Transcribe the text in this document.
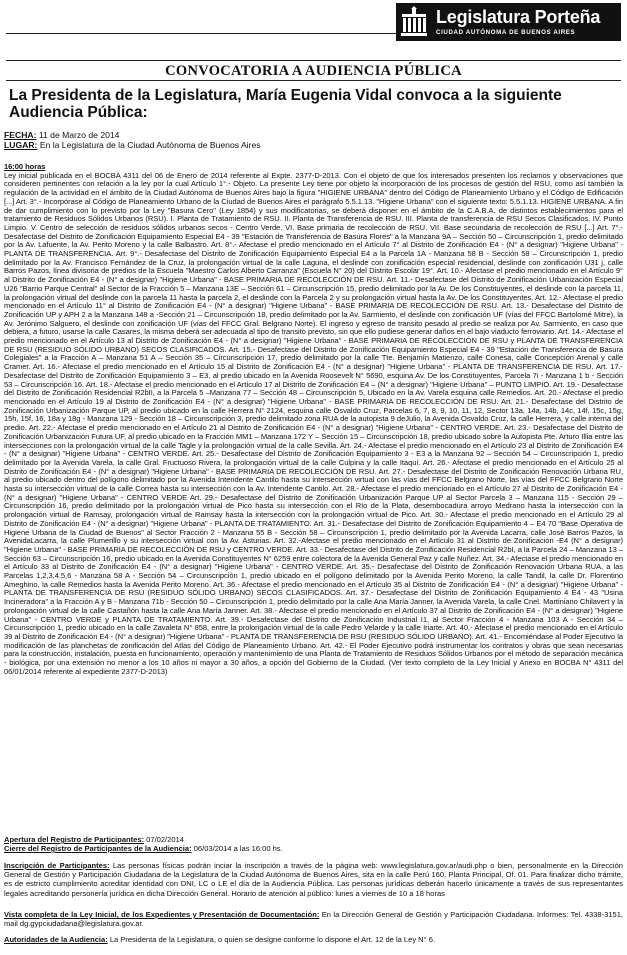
Legislatura Porteña
CIUDAD AUTÓNOMA DE BUENOS AIRES
CONVOCATORIA A AUDIENCIA PÚBLICA
La Presidenta de la Legislatura, María Eugenia Vidal convoca a la siguiente Audiencia Pública:
FECHA: 11 de Marzo de 2014
LUGAR: En la Legislatura de la Ciudad Autónoma de Buenos Aires
16:00 horas
Ley inicial publicada en el BOCBA 4311 del 06 de Enero de 2014 referente al Expte. 2377-D-2013. Con el objeto de que los interesados presenten los reclamos y observaciones que consideren pertinentes con relación a la ley por la cual Artículo 1°.- Objeto. La presente Ley tiene por objeto la incorporación de los procesos de gestión del RSU, como así también la regulación de la actividad en el ámbito de la Ciudad Autónoma de Buenos Aires bajo la figura "HIGIENE URBANA" dentro del Código de Planeamiento Urbano y el Código de Edificación [...] Art. 3°.- Incorpórase al Código de Planeamiento Urbano de la Ciudad de Buenos Aires el parágrafo 5.5.1.13. "Higiene Urbana" con el siguiente texto: 5.5.1.13. HIGIENE URBANA. A fin de dar cumplimiento con lo previsto por la Ley "Basura Cero" (Ley 1854) y sus modificatorias, se deberá disponer en el ámbito de la C.A.B.A. de distintos establecimientos para el tratamiento de Residuos Sólidos Urbanos (RSU). I. Planta de Tratamiento de RSU. II. Planta de Transferencia de RSU. III. Planta de transferencia de RSU Secos Clasificados. IV. Punto Limpio. V. Centro de selección de residuos sólidos urbanos secos - Centro Verde. VI. Base primaria de recolección de RSU. VII. Base secundaria de recolección de RSU [...] Art. 7°.- Desafectase del Distrito de Zonificación Equipamiento Especial E4 - 39 "Estación de Transferencia de Basura Flores" a la Manzana 9A – Sección 50 – Circunscripción 1, predio delimitado por la Av. Lafuente, la Av. Perito Moreno y la calle Balbastro. Art. 8°.- Afectase el predio mencionado en el Artículo 7° al Distrito de Zonificación E4 - (N° a designar) "Higiene Urbana" - PLANTA DE TRANSFERENCIA. Art. 9°.- Desafectase del Distrito de Zonificación Equipamiento Especial E4 a la Parcela 1A - Manzana 58 B - Sección 58 – Circunscripción 1, predio delimitado por la Av. Francisco Fernández de la Cruz, la prolongación virtual de la calle Laguna, el deslinde con zonificación especial residencial, deslinde con zonificación U31 j, calle Barros Pazos, línea divisoria de predios de la Escuela "Maestro Carlos Alberto Carranza" (Escuela N° 20) del Distrito Escolar 19°. Art. 10.- Afectase el predio mencionado en el Artículo 9° al Distrito de Zonificación E4 - (N° a designar) "Higiene Urbana" - BASE PRIMARIA DE RECOLECCIÓN DE RSU. Art. 11.- Desafectase del Distrito de Zonificación Urbanización Especial U26 "Barrio Parque Central" al Sector de la Fracción 5 – Manzana 13E – Sección 61 – Circunscripción 15, predio delimitado por la Av. De los Constituyentes, el deslinde con la parcela 11, la prolongación virtual del deslinde con la parcela 11 hasta la parcela 2, el deslinde con la Parcela 2 y su prolongación virtual hasta la Av. De los Constituyentes. Art. 12.- Afectase el predio mencionado en el Artículo 11° al Distrito de Zonificación E4 - (N° a designar) "Higiene Urbana" - BASE PRIMARIA DE RECOLECCIÓN DE RSU. Art. 13.- Desafectase del Distrito de Zonificación UP y APH 2 a la Manzana 148 a -Sección 21 – Circunscripción 18, predio delimitado por la Av. Sarmiento, el deslinde con zonificación UF (vías del FFCC Bartolomé Mitre), la Av. Jerónimo Salguero, el deslinde con zonificación UF (vías del FFCC Gral. Belgrano Norte). El ingreso y egreso de transito pesado al predio se realiza por Av. Sarmiento, en caso que debiera, a futuro, usarse la calle Casares, la misma deberá ser adecuada al tipo de transito previsto, sin que ello pudiese generar daños en el bajo viaducto ferroviario. Art. 14.- Afectase el predio mencionado en el Artículo 13 al Distrito de Zonificación E4 - (N° a designar) "Higiene Urbana" - BASE PRIMARIA DE RECOLECCIÓN DE RSU y PLANTA DE TRANSFERENCIA DE RSU (RESIDUO SÓLIDO URBANO) SECOS CLASIFICADOS. Art. 15.- Desafectase del Distrito de Zonificación Equipamiento Especial E4 - 39 "Estación de Transferencia de Basura Colegiales" a la Fracción A – Manzana 51 A – Sección 35 – Circunscripción 17, predio delimitado por la calle Tte. Benjamín Matienzo, calle Conesa, calle Concepción Arenal y calle Cramer. Art. 16.- Afectase el predio mencionado en el Artículo 15 al Distrito de Zonificación E4 - (N° a designar) "Higiene Urbana" - PLANTA DE TRANSFERENCIA DE RSU. Art. 17.- Desafectase del Distrito de Zonificación Equipamiento 3 – E3, al predio ubicado en la Avenida Roosevelt N° 5690, esquina Av. De los Constituyentes, Parcela 7i - Manzana 1 b - Sección 53 – Circunscripción 16. Art. 18.- Afectase el predio mencionado en el Artículo 17 al Distrito de Zonificación E4 – (N° a designar) "Higiene Urbana" – PUNTO LIMPIO. Art. 19.- Desafectase del Distrito de Zonificación Residencial R2bII, a la Parcela 5 –Manzana 77 – Sección 48 – Circunscripción 5, Ubicado en la Av. Varela esquina calle Remedios. Art. 20.- Afectase el predio mencionado en el Artículo 19 al Distrito de Zonificación E4 - (N° a designar) "Higiene Urbana" - BASE PRIMARIA DE RECOLECCIÓN DE RSU. Art. 21.- Desafectase del Distrito de Zonificación Urbanización Parque UP, al predio ubicado en la calle Herrera N° 2124, esquina calle Osvaldo Cruz, Parcelas 6, 7, 8, 9, 10, 11, 12, Sector 13a, 14a, 14b, 14c, 14f, 15c, 15g, 15h, 15f, 16, 18a y 18g - Manzana 129 - Sección 18 – Circunscripción 3, predio delimitado zona RUA de la autopista 9 deJulio, la Avenida Osvaldo Cruz, la calle Herrera, y calle interna del predio. Art. 22.- Afectase el predio mencionado en el Artículo 21 al Distrito de Zonificación E4 - (N° a designar) "Higiene Urbana" - CENTRO VERDE. Art. 23.- Desafectase del Distrito de Zonificación Urbanización Futura UF, al predio ubicado en la Fracción MM1 – Manzana 172 Y – Sección 15 – Circunscripción 18, predio ubicado sobre la Autopista Pte. Arturo Illia entre las intersecciones con la prolongación virtual de la calle Tagle y la prolongación virtual de la calle Sevilla. Art. 24.- Afectase el predio mencionado en el Artículo 23 al Distrito de Zonificación E4 - (N° a designar) "Higiene Urbana" - CENTRO VERDE. Art. 25.- Desafectase del Distrito de Zonificación Equipamiento 3 - E3 a la Manzana 92 – Sección 54 – Circunscripción 1, predio delimitado por la Avenida Varela, la calle Gral. Fructuoso Rivera, la prolongación virtual de la calle Culpina y la calle Itaquí. Art. 26.- Afectase el predio mencionado en el Artículo 25 al Distrito de Zonificación E4 - (N° a designar) "Higiene Urbana" - BASE PRIMARIA DE RECOLECCIÓN DE RSU. Art. 27.- Desafectase del Distrito de Zonificación Renovación Urbana RU, al predio ubicado dentro del polígono delimitado por la Avenida Intendente Cantilo hasta su intersección virtual con las vías del FFCC Belgrano Norte, las vías del FFCC Belgrano Norte hasta su intersección virtual de la calle Correa hasta su intersección con la Av. Intendente Cantilo. Art. 28.- Afectase el predio mencionado en el Artículo 27 al Distrito de Zonificación E4 - (N° a designar) "Higiene Urbana" - CENTRO VERDE Art. 29.- Desafectase del Distrito de Zonificación Urbanización Parque UP al Sector Parcela 3 – Manzana 115 - Sección 29 – Circunscripción 16, predio delimitado por la prolongación virtual de Pico hasta su intersección con el Río de la Plata, desembocadura arroyo Medrano hasta la intersección con la prolongación virtual de Ramsay, prolongación virtual de Ramsay hasta la intersección con la prolongación virtual de Pico. Art. 30.- Afectase el predio mencionado en el Artículo 29 al Distrito de Zonificación E4 - (N° a designar) "Higiene Urbana" - PLANTA DE TRATAMIENTO. Art. 31.- Desafectase del Distrito de Zonificación Equipamiento 4 – E4 70 "Base Operativa de Higiene Urbana de la Ciudad de Buenos" al Sector Fracción 2 - Manzana 55 B - Sección 58 – Circunscripción 1, predio delimitado por la Avenida Lacarra, calle José Barros Pazos, la AvenidaLacarra, la calle Plumerillo y su intersección virtual con la Av. Asturias. Art. 32.-Afectase el predio mencionado en el Artículo 31 al Distrito de Zonificación -E4 (N° a designar) "Higiene Urbana" - BASE PRIMARIA DE RECOLECCIÓN DE RSU y CENTRO VERDE. Art. 33.- Desafectase del Distrito de Zonificación Residencial R2bI, a la Parcela 24 – Manzana 13 – Sección 63 – Circunscripción 16, predio ubicado en la Avenida Constituyentes N° 6259 entre colectora de la Avenida General Paz y calle Nuñez. Art. 34.- Afectase el predio mencionado en el Artículo 33 al Distrito de Zonificación E4 - (N° a designar) "Higiene Urbana" - CENTRO VERDE. Art. 35.- Desafectase del Distrito de Zonificación Renovación Urbana RUA, a las Parcelas 1,2,3,4,5,6 - Manzana 58 A - Sección 54 – Circunscripción 1, predio ubicado en el polígono delimitado por la Avenida Perito Moreno, la calle Tandil, la calle Dr. Florentino Ameghino, la calle Remedios hasta la Avenida Perito Moreno. Art. 36.- Afectase el predio mencionado en el Artículo 35 al Distrito de Zonificación E4 - (N° a designar) "Higiene Urbana" - PLANTA DE TRANSFERENCIA DE RSU (RESIDUO SÓLIDO URBANO) SECOS CLASIFICADOS. Art. 37.- Desafectase del Distrito de Zonificación Equipamiento 4 E4 - 43 "Usina Incineradora" a la Fracción A y B - Manzana 71b - Sección 50 – Circunscripción 1, predio delimitado por la calle Ana María Janner, la Avenida Varela, la calle Cnel. Martiniano Chilavert y la prolongación virtual de la calle Castañón hasta la calle Ana María Janner. Art. 38.- Afectase el predio mencionado en el Artículo 37 al Distrito de Zonificación E4 - (N° a designar) "Higiene Urbana" - CENTRO VERDE y PLANTA DE TRATAMIENTO. Art. 39.- Desafectase del Distrito de Zonificación Industrial I1, al Sector Fracción 4 - Manzana 103 A - Sección 34 – Circunscripción 1, predio ubicado en la calle Zavaleta N° 858, entre la prolongación virtual de la calle Pedro Velarde y la calle Iriarte. Art. 40.- Afectase el predio mencionado en el Artículo 39 al Distrito de Zonificación E4 - (N° a designar) "Higiene Urbana" - PLANTA DE TRANSFERENCIA DE RSU (RESIDUO SÓLIDO URBANO). Art. 41.- Encomiéndase al Poder Ejecutivo la modificación de las planchetas de zonificación del Atlas del Código de Planeamiento Urbano. Art. 42.- El Poder Ejecutivo podrá instrumentar los contratos y obras que sean necesarias para la construcción, instalación, puesta en funcionamiento, operación y mantenimiento de una Planta de Tratamiento de Residuos Sólidos Urbanos por el método de separación mecánica - biológica, por una extensión no menor a los 10 años ni mayor a 30 años, a opción del Gobierno de la Ciudad. (Ver texto completo de la Ley Inicial y Anexo en BOCBA N° 4311 del 06/01/2014 referente al expediente 2377-D-2013)
Apertura del Registro de Participantes: 07/02/2014
Cierre del Registro de Participantes de la Audiencia: 06/03/2014 a las 16:00 hs.
Inscripción de Participantes: Las personas físicas podrán inciar la inscripción a través de la página web: www.legislatura.gov.ar/audi.php o bien, personalmente en la Dirección General de Gestión y Participación Ciudadana de la Legislatura de la Ciudad Autónoma de Buenos Aires, sita en la calle Perú 160, Planta Principal, Of. 01. Para finalizar dicho trámite, es de estricto cumplimiento acreditar identidad con DNI, LC o LE el día de la Audiencia Pública. Las personas jurídicas deberán hacerlo únicamente a través de sus representantes legales acreditando personería jurídica en dicha Dirección General. Horario de atención al público: lunes a viernes de 10 a 18 horas
Vista completa de la Ley Inicial, de los Expedientes y Presentación de Documentación: En la Dirección General de Gestión y Participación Ciudadana. Informes: Tel. 4338-3151, mail dg.gypciudadana@legislatura.gov.ar.
Autoridades de la Audiencia: La Presidenta de la Legislatura, o quien se designe conforme lo dispone el Art. 12 de la Ley N° 6.
